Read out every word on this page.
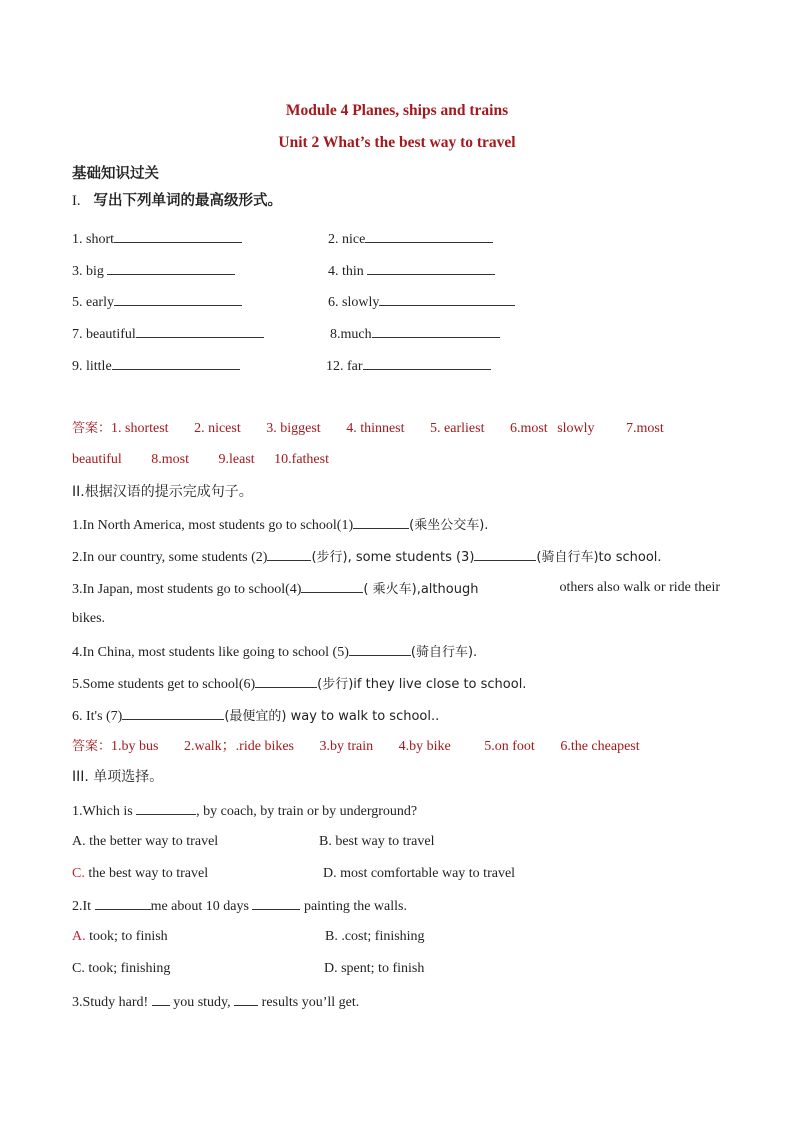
Module 4 Planes, ships and trains
Unit 2 What’s the best way to travel
基础知识过关
I. 写出下列单词的最高级形式。
1. short	2. nice
3. big	4. thin
5. early	6. slowly
7. beautiful	8.much
9. little	12. far
答案：1. shortest 2. nicest 3. biggest 4. thinnest 5. earliest 6.most slowly 7.most
beautiful 8.most 9.least 10.fathest
II.根据汉语的提示完成句子。
1.In North America, most students go to school(1)	(乘坐公交车).
2.In our country, some students (2)	(步行), some students (3)	(骑自行车)to school.
3.In Japan, most students go to school(4)	( 乘火车),although	others also walk or ride their
bikes.
4.In China, most students like going to school (5)	(骑自行车).
5.Some students get to school(6)	(步行)if they live close to school.
6. It's (7)	(最便宜的) way to walk to school..
答案：1.by bus 2.walk；.ride bikes 3.by train 4.by bike 5.on foot 6.the cheapest
III. 单项选择。
1.Which is	, by coach, by train or by underground?
A. the better way to travel	B. best way to travel
C. the best way to travel	D. most comfortable way to travel
2.It	me about 10 days	painting the walls.
A. took; to finish	B. .cost; finishing
C. took; finishing	D. spent; to finish
3.Study hard! you study, results you’ll get.
